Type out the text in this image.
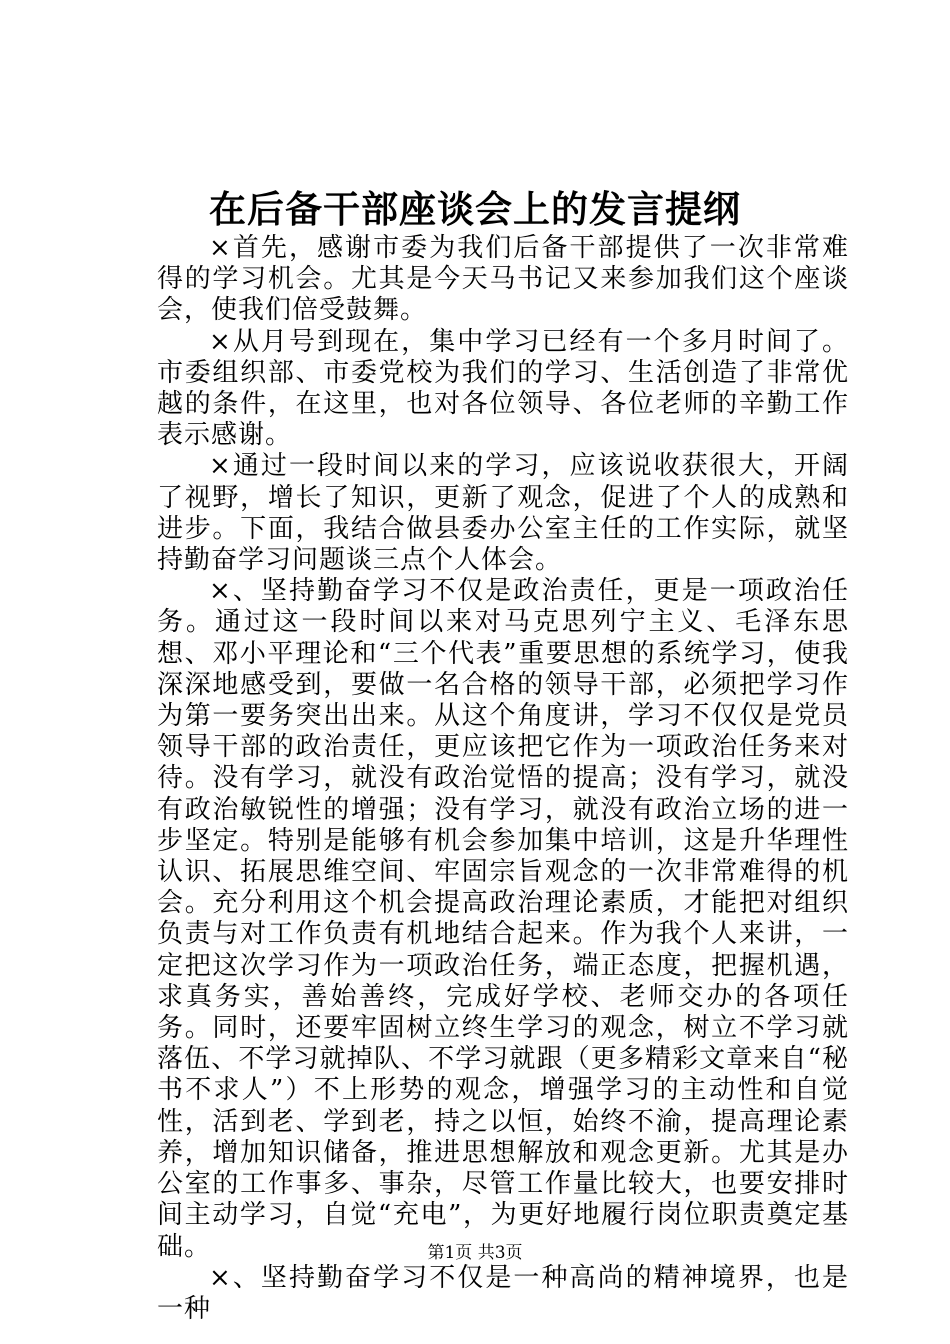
在后备干部座谈会上的发言提纲

×首先，感谢市委为我们后备干部提供了一次非常难得的学习机会。尤其是今天马书记又来参加我们这个座谈会，使我们倍受鼓舞。

×从月号到现在，集中学习已经有一个多月时间了。市委组织部、市委党校为我们的学习、生活创造了非常优越的条件，在这里，也对各位领导、各位老师的辛勤工作表示感谢。

×通过一段时间以来的学习，应该说收获很大，开阔了视野，增长了知识，更新了观念，促进了个人的成熟和进步。下面，我结合做县委办公室主任的工作实际，就坚持勤奋学习问题谈三点个人体会。

×、坚持勤奋学习不仅是政治责任，更是一项政治任务。通过这一段时间以来对马克思列宁主义、毛泽东思想、邓小平理论和“三个代表”重要思想的系统学习，使我深深地感受到，要做一名合格的领导干部，必须把学习作为第一要务突出出来。从这个角度讲，学习不仅仅是党员领导干部的政治责任，更应该把它作为一项政治任务来对待。没有学习，就没有政治觉悟的提高；没有学习，就没有政治敏锐性的增强；没有学习，就没有政治立场的进一步坚定。特别是能够有机会参加集中培训，这是升华理性认识、拓展思维空间、牢固宗旨观念的一次非常难得的机会。充分利用这个机会提高政治理论素质，才能把对组织负责与对工作负责有机地结合起来。作为我个人来讲，一定把这次学习作为一项政治任务，端正态度，把握机遇，求真务实，善始善终，完成好学校、老师交办的各项任务。同时，还要牢固树立终生学习的观念，树立不学习就落伍、不学习就掉队、不学习就跟（更多精彩文章来自“秘书不求人”）不上形势的观念，增强学习的主动性和自觉性，活到老、学到老，持之以恒，始终不渝，提高理论素养，增加知识储备，推进思想解放和观念更新。尤其是办公室的工作事多、事杂，尽管工作量比较大，也要安排时间主动学习，自觉“充电”，为更好地履行岗位职责奠定基础。

×、坚持勤奋学习不仅是一种高尚的精神境界，也是一种

第1页 共3页
